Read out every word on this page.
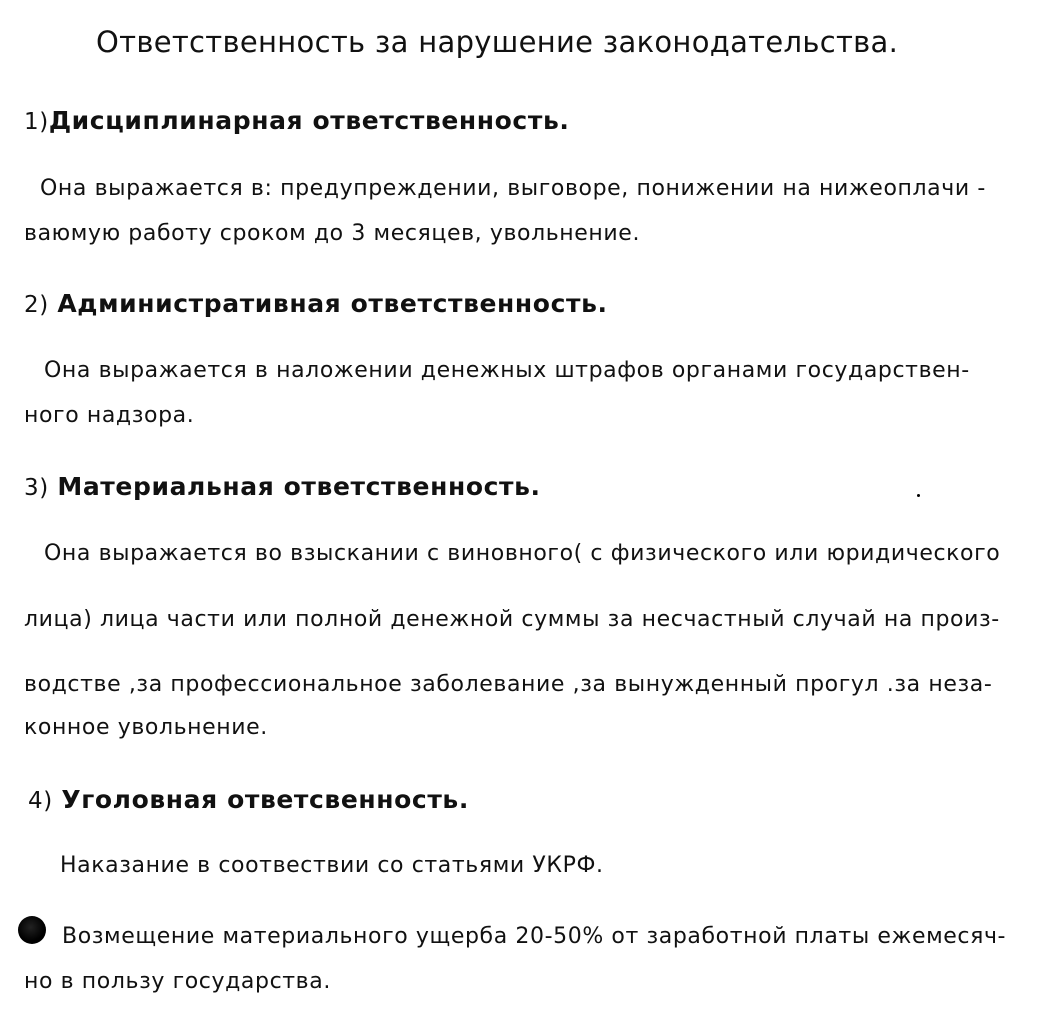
Ответственность за нарушение законодательства.
1)Дисциплинарная ответственность.
Она выражается в: предупреждении, выговоре, понижении на нижеоплачи -
ваюмую работу сроком до 3 месяцев, увольнение.
2) Административная ответственность.
Она выражается в наложении денежных штрафов органами государствен-
ного надзора.
3) Материальная ответственность.
Она выражается во взыскании с виновного( с физического или юридического
лица) лица части или полной денежной суммы за несчастный случай на произ-
водстве ,за профессиональное заболевание ,за вынужденный прогул .за неза-
конное увольнение.
4) Уголовная ответсвенность.
Наказание в соотвествии со статьями УКРФ.
Возмещение материального ущерба 20-50% от заработной платы ежемесяч-
но в пользу государства.
